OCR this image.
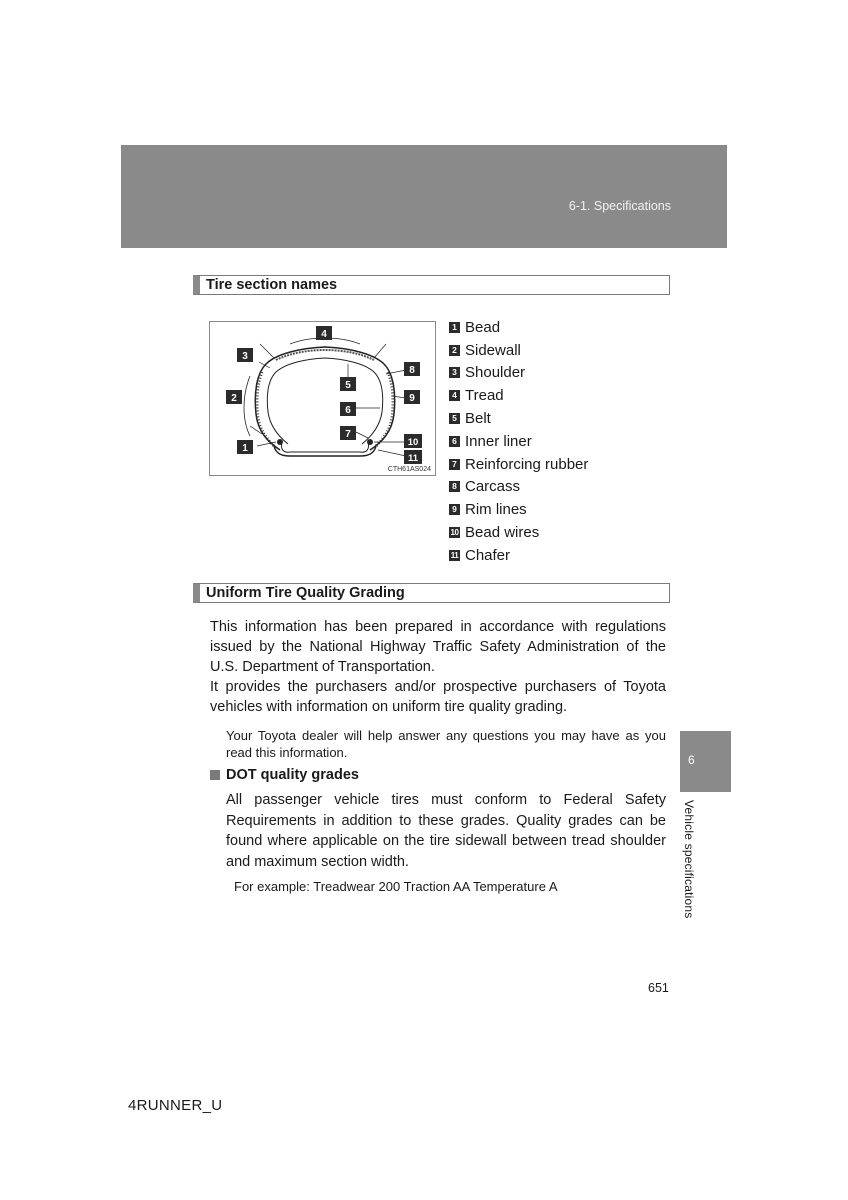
6-1. Specifications
Tire section names
1
2
3
4
5
6
7
8
9
10
11
CTH61AS024
1 Bead
2 Sidewall
3 Shoulder
4 Tread
5 Belt
6 Inner liner
7 Reinforcing rubber
8 Carcass
9 Rim lines
10 Bead wires
11 Chafer
Uniform Tire Quality Grading

This information has been prepared in accordance with regulations issued by the National Highway Traffic Safety Administration of the U.S. Department of Transportation.

It provides the purchasers and/or prospective purchasers of Toyota vehicles with information on uniform tire quality grading.

Your Toyota dealer will help answer any questions you may have as you read this information.

DOT quality grades

All passenger vehicle tires must conform to Federal Safety Requirements in addition to these grades. Quality grades can be found where applicable on the tire sidewall between tread shoulder and maximum section width.

For example: Treadwear 200 Traction AA Temperature A
6
Vehicle specifications
651
4RUNNER_U
